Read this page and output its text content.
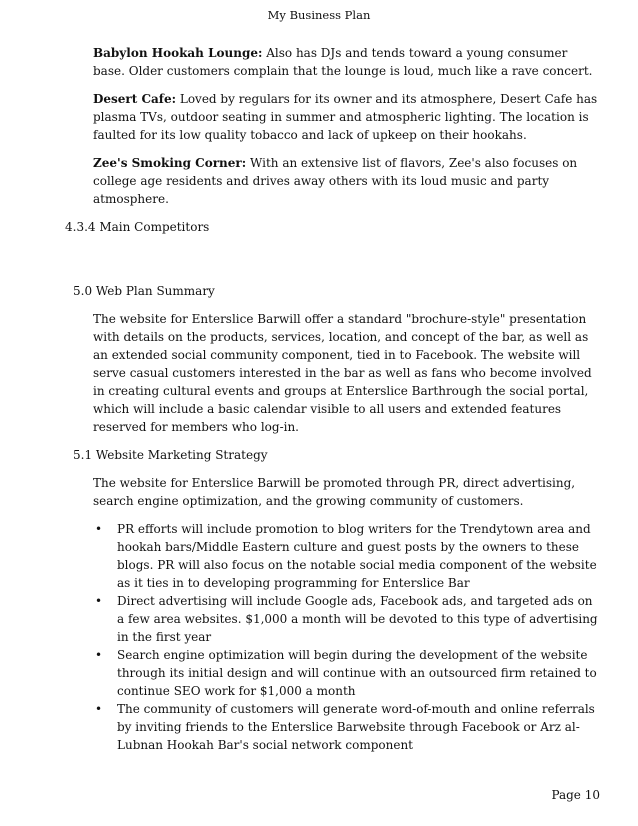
My Business Plan

Babylon Hookah Lounge: Also has DJs and tends toward a young consumer base. Older customers complain that the lounge is loud, much like a rave concert.

Desert Cafe: Loved by regulars for its owner and its atmosphere, Desert Cafe has plasma TVs, outdoor seating in summer and atmospheric lighting. The location is faulted for its low quality tobacco and lack of upkeep on their hookahs.

Zee's Smoking Corner: With an extensive list of flavors, Zee's also focuses on college age residents and drives away others with its loud music and party atmosphere.

4.3.4 Main Competitors
5.0 Web Plan Summary

The website for Enterslice Barwill offer a standard "brochure-style" presentation with details on the products, services, location, and concept of the bar, as well as an extended social community component, tied in to Facebook. The website will serve casual customers interested in the bar as well as fans who become involved in creating cultural events and groups at Enterslice Barthrough the social portal, which will include a basic calendar visible to all users and extended features reserved for members who log-in.

5.1 Website Marketing Strategy

The website for Enterslice Barwill be promoted through PR, direct advertising, search engine optimization, and the growing community of customers.

• PR efforts will include promotion to blog writers for the Trendytown area and hookah bars/Middle Eastern culture and guest posts by the owners to these blogs. PR will also focus on the notable social media component of the website as it ties in to developing programming for Enterslice Bar
• Direct advertising will include Google ads, Facebook ads, and targeted ads on a few area websites. $1,000 a month will be devoted to this type of advertising in the first year
• Search engine optimization will begin during the development of the website through its initial design and will continue with an outsourced firm retained to continue SEO work for $1,000 a month
• The community of customers will generate word-of-mouth and online referrals by inviting friends to the Enterslice Barwebsite through Facebook or Arz al-Lubnan Hookah Bar's social network component
Page 10
